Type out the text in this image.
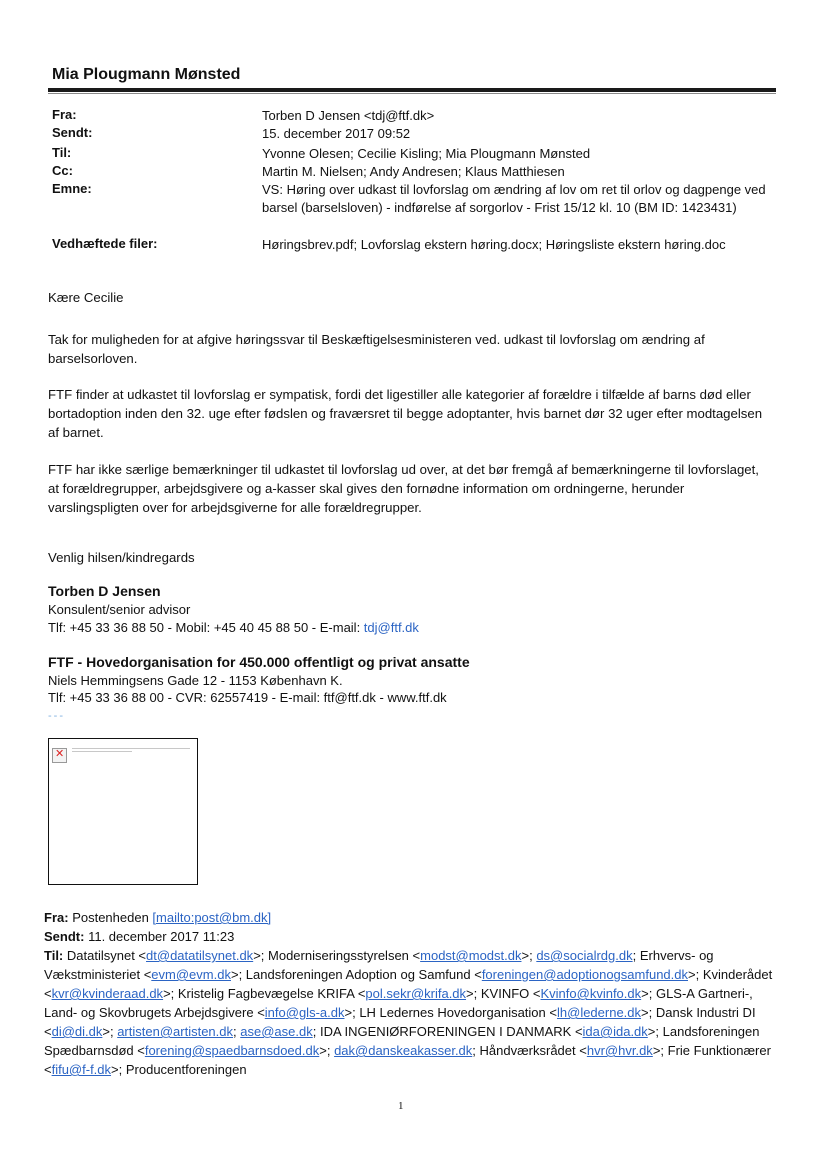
Mia Plougmann Mønsted
Fra:	Torben D Jensen <tdj@ftf.dk>
Sendt:	15. december 2017 09:52
Til:	Yvonne Olesen; Cecilie Kisling; Mia Plougmann Mønsted
Cc:	Martin M. Nielsen; Andy Andresen; Klaus Matthiesen
Emne:	VS: Høring over udkast til lovforslag om ændring af lov om ret til orlov og dagpenge ved barsel (barselsloven) - indførelse af sorgorlov - Frist 15/12 kl. 10 (BM ID: 1423431)
Vedhæftede filer:	Høringsbrev.pdf; Lovforslag ekstern høring.docx; Høringsliste ekstern høring.doc
Kære Cecilie
Tak for muligheden for at afgive høringssvar til Beskæftigelsesministeren ved. udkast til lovforslag om ændring af barselsorloven.
FTF finder at udkastet til lovforslag er sympatisk, fordi det ligestiller alle kategorier af forældre i tilfælde af barns død eller bortadoption inden den 32. uge efter fødslen og fraværsret til begge adoptanter, hvis barnet dør 32 uger efter modtagelsen af barnet.
FTF har ikke særlige bemærkninger til udkastet til lovforslag ud over, at det bør fremgå af bemærkningerne til lovforslaget, at forældregrupper, arbejdsgivere og a-kasser skal gives den fornødne information om ordningerne, herunder varslingspligten over for arbejdsgiverne for alle forældregrupper.
Venlig hilsen/kindregards
Torben D Jensen
Konsulent/senior advisor
Tlf: +45 33 36 88 50 - Mobil: +45 40 45 88 50 - E-mail: tdj@ftf.dk
FTF - Hovedorganisation for 450.000 offentligt og privat ansatte
Niels Hemmingsens Gade 12 - 1153 København K.
Tlf: +45 33 36 88 00 - CVR: 62557419 - E-mail: ftf@ftf.dk - www.ftf.dk
---
✕
Fra: Postenheden [mailto:post@bm.dk]
Sendt: 11. december 2017 11:23
Til: Datatilsynet <dt@datatilsynet.dk>; Moderniseringsstyrelsen <modst@modst.dk>; ds@socialrdg.dk; Erhvervs- og Vækstministeriet <evm@evm.dk>; Landsforeningen Adoption og Samfund <foreningen@adoptionogsamfund.dk>; Kvinderådet <kvr@kvinderaad.dk>; Kristelig Fagbevægelse KRIFA <pol.sekr@krifa.dk>; KVINFO <Kvinfo@kvinfo.dk>; GLS-A Gartneri-, Land- og Skovbrugets Arbejdsgivere <info@gls-a.dk>; LH Ledernes Hovedorganisation <lh@lederne.dk>; Dansk Industri DI <di@di.dk>; artisten@artisten.dk; ase@ase.dk; IDA INGENIØRFORENINGEN I DANMARK <ida@ida.dk>; Landsforeningen Spædbarnsdød <forening@spaedbarnsdoed.dk>; dak@danskeakasser.dk; Håndværksrådet <hvr@hvr.dk>; Frie Funktionærer <fifu@f-f.dk>; Producentforeningen
1
